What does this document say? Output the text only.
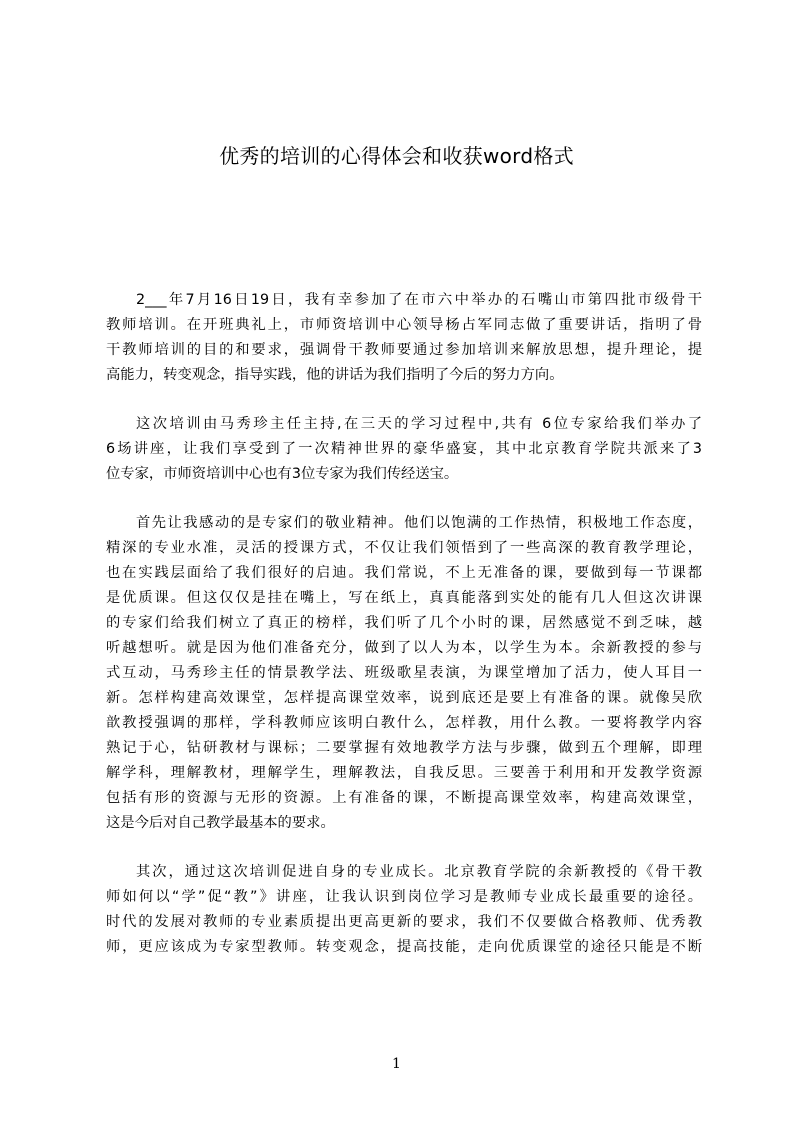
优秀的培训的心得体会和收获word格式
2___年7月16日19日，我有幸参加了在市六中举办的石嘴山市第四批市级骨干
教师培训。在开班典礼上，市师资培训中心领导杨占军同志做了重要讲话，指明了骨
干教师培训的目的和要求，强调骨干教师要通过参加培训来解放思想，提升理论，提
高能力，转变观念，指导实践，他的讲话为我们指明了今后的努力方向。
这次培训由马秀珍主任主持,在三天的学习过程中,共有 6位专家给我们举办了
6场讲座，让我们享受到了一次精神世界的豪华盛宴，其中北京教育学院共派来了3
位专家，市师资培训中心也有3位专家为我们传经送宝。
首先让我感动的是专家们的敬业精神。他们以饱满的工作热情，积极地工作态度，
精深的专业水准，灵活的授课方式，不仅让我们领悟到了一些高深的教育教学理论，
也在实践层面给了我们很好的启迪。我们常说，不上无准备的课，要做到每一节课都
是优质课。但这仅仅是挂在嘴上，写在纸上，真真能落到实处的能有几人但这次讲课
的专家们给我们树立了真正的榜样，我们听了几个小时的课，居然感觉不到乏味，越
听越想听。就是因为他们准备充分，做到了以人为本，以学生为本。余新教授的参与
式互动，马秀珍主任的情景教学法、班级歌星表演，为课堂增加了活力，使人耳目一
新。怎样构建高效课堂，怎样提高课堂效率，说到底还是要上有准备的课。就像吴欣
歆教授强调的那样，学科教师应该明白教什么，怎样教，用什么教。一要将教学内容
熟记于心，钻研教材与课标；二要掌握有效地教学方法与步骤，做到五个理解，即理
解学科，理解教材，理解学生，理解教法，自我反思。三要善于利用和开发教学资源
包括有形的资源与无形的资源。上有准备的课，不断提高课堂效率，构建高效课堂，
这是今后对自己教学最基本的要求。
其次，通过这次培训促进自身的专业成长。北京教育学院的余新教授的《骨干教
师如何以“学”促“教”》讲座，让我认识到岗位学习是教师专业成长最重要的途径。
时代的发展对教师的专业素质提出更高更新的要求，我们不仅要做合格教师、优秀教
师，更应该成为专家型教师。转变观念，提高技能，走向优质课堂的途径只能是不断
1
